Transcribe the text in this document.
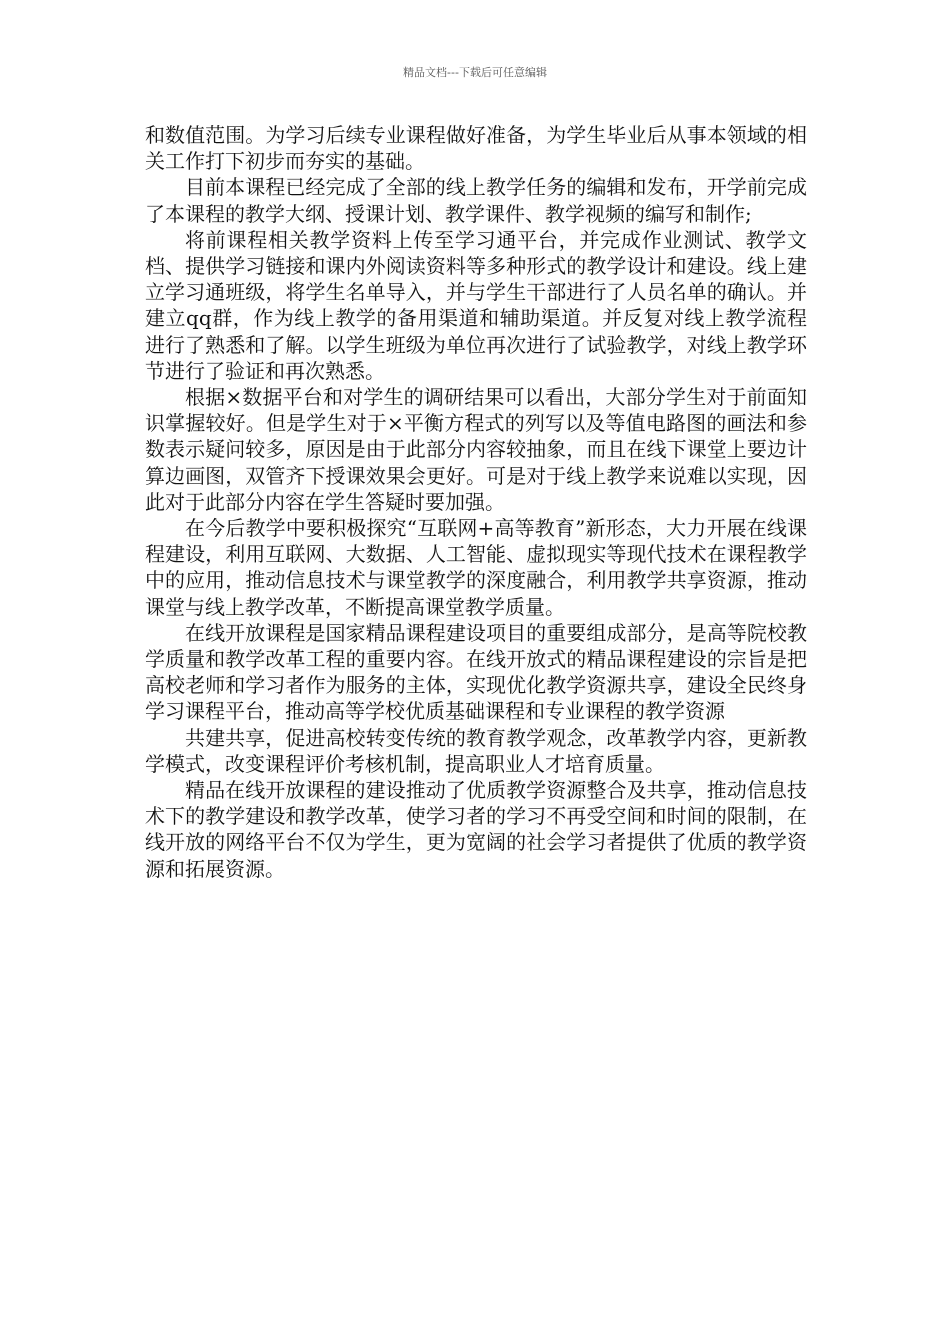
精品文档---下载后可任意编辑

和数值范围。为学习后续专业课程做好准备，为学生毕业后从事本领域的相关工作打下初步而夯实的基础。

目前本课程已经完成了全部的线上教学任务的编辑和发布，开学前完成了本课程的教学大纲、授课计划、教学课件、教学视频的编写和制作;

将前课程相关教学资料上传至学习通平台，并完成作业测试、教学文档、提供学习链接和课内外阅读资料等多种形式的教学设计和建设。线上建立学习通班级，将学生名单导入，并与学生干部进行了人员名单的确认。并建立qq群，作为线上教学的备用渠道和辅助渠道。并反复对线上教学流程进行了熟悉和了解。以学生班级为单位再次进行了试验教学，对线上教学环节进行了验证和再次熟悉。

根据×数据平台和对学生的调研结果可以看出，大部分学生对于前面知识掌握较好。但是学生对于×平衡方程式的列写以及等值电路图的画法和参数表示疑问较多，原因是由于此部分内容较抽象，而且在线下课堂上要边计算边画图，双管齐下授课效果会更好。可是对于线上教学来说难以实现，因此对于此部分内容在学生答疑时要加强。

在今后教学中要积极探究“互联网+高等教育”新形态，大力开展在线课程建设，利用互联网、大数据、人工智能、虚拟现实等现代技术在课程教学中的应用，推动信息技术与课堂教学的深度融合，利用教学共享资源，推动课堂与线上教学改革，不断提高课堂教学质量。

在线开放课程是国家精品课程建设项目的重要组成部分，是高等院校教学质量和教学改革工程的重要内容。在线开放式的精品课程建设的宗旨是把高校老师和学习者作为服务的主体，实现优化教学资源共享，建设全民终身学习课程平台，推动高等学校优质基础课程和专业课程的教学资源

共建共享，促进高校转变传统的教育教学观念，改革教学内容，更新教学模式，改变课程评价考核机制，提高职业人才培育质量。

精品在线开放课程的建设推动了优质教学资源整合及共享，推动信息技术下的教学建设和教学改革，使学习者的学习不再受空间和时间的限制，在线开放的网络平台不仅为学生，更为宽阔的社会学习者提供了优质的教学资源和拓展资源。
